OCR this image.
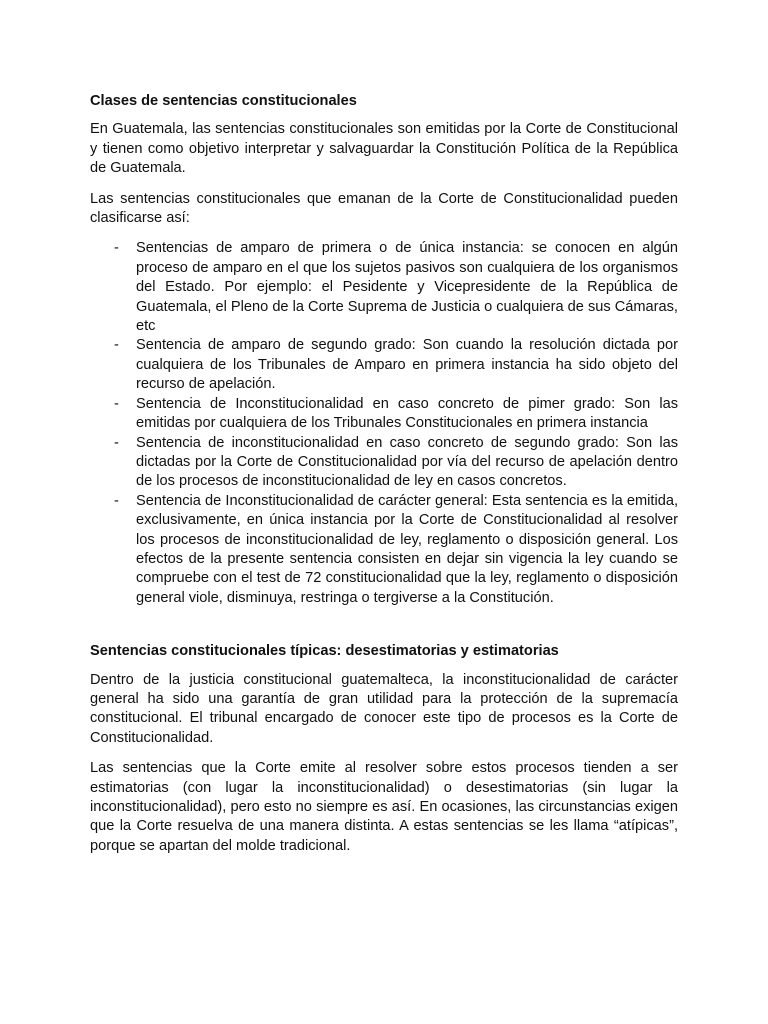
Clases de sentencias constitucionales

En Guatemala, las sentencias constitucionales son emitidas por la Corte de Constitucional y tienen como objetivo interpretar y salvaguardar la Constitución Política de la República de Guatemala.

Las sentencias constitucionales que emanan de la Corte de Constitucionalidad pueden clasificarse así:

- Sentencias de amparo de primera o de única instancia: se conocen en algún proceso de amparo en el que los sujetos pasivos son cualquiera de los organismos del Estado. Por ejemplo: el Pesidente y Vicepresidente de la República de Guatemala, el Pleno de la Corte Suprema de Justicia o cualquiera de sus Cámaras, etc
- Sentencia de amparo de segundo grado: Son cuando la resolución dictada por cualquiera de los Tribunales de Amparo en primera instancia ha sido objeto del recurso de apelación.
- Sentencia de Inconstitucionalidad en caso concreto de pimer grado: Son las emitidas por cualquiera de los Tribunales Constitucionales en primera instancia
- Sentencia de inconstitucionalidad en caso concreto de segundo grado: Son las dictadas por la Corte de Constitucionalidad por vía del recurso de apelación dentro de los procesos de inconstitucionalidad de ley en casos concretos.
- Sentencia de Inconstitucionalidad de carácter general: Esta sentencia es la emitida, exclusivamente, en única instancia por la Corte de Constitucionalidad al resolver los procesos de inconstitucionalidad de ley, reglamento o disposición general. Los efectos de la presente sentencia consisten en dejar sin vigencia la ley cuando se compruebe con el test de 72 constitucionalidad que la ley, reglamento o disposición general viole, disminuya, restringa o tergiverse a la Constitución.
Sentencias constitucionales típicas: desestimatorias y estimatorias

Dentro de la justicia constitucional guatemalteca, la inconstitucionalidad de carácter general ha sido una garantía de gran utilidad para la protección de la supremacía constitucional. El tribunal encargado de conocer este tipo de procesos es la Corte de Constitucionalidad.

Las sentencias que la Corte emite al resolver sobre estos procesos tienden a ser estimatorias (con lugar la inconstitucionalidad) o desestimatorias (sin lugar la inconstitucionalidad), pero esto no siempre es así. En ocasiones, las circunstancias exigen que la Corte resuelva de una manera distinta. A estas sentencias se les llama “atípicas”, porque se apartan del molde tradicional.
